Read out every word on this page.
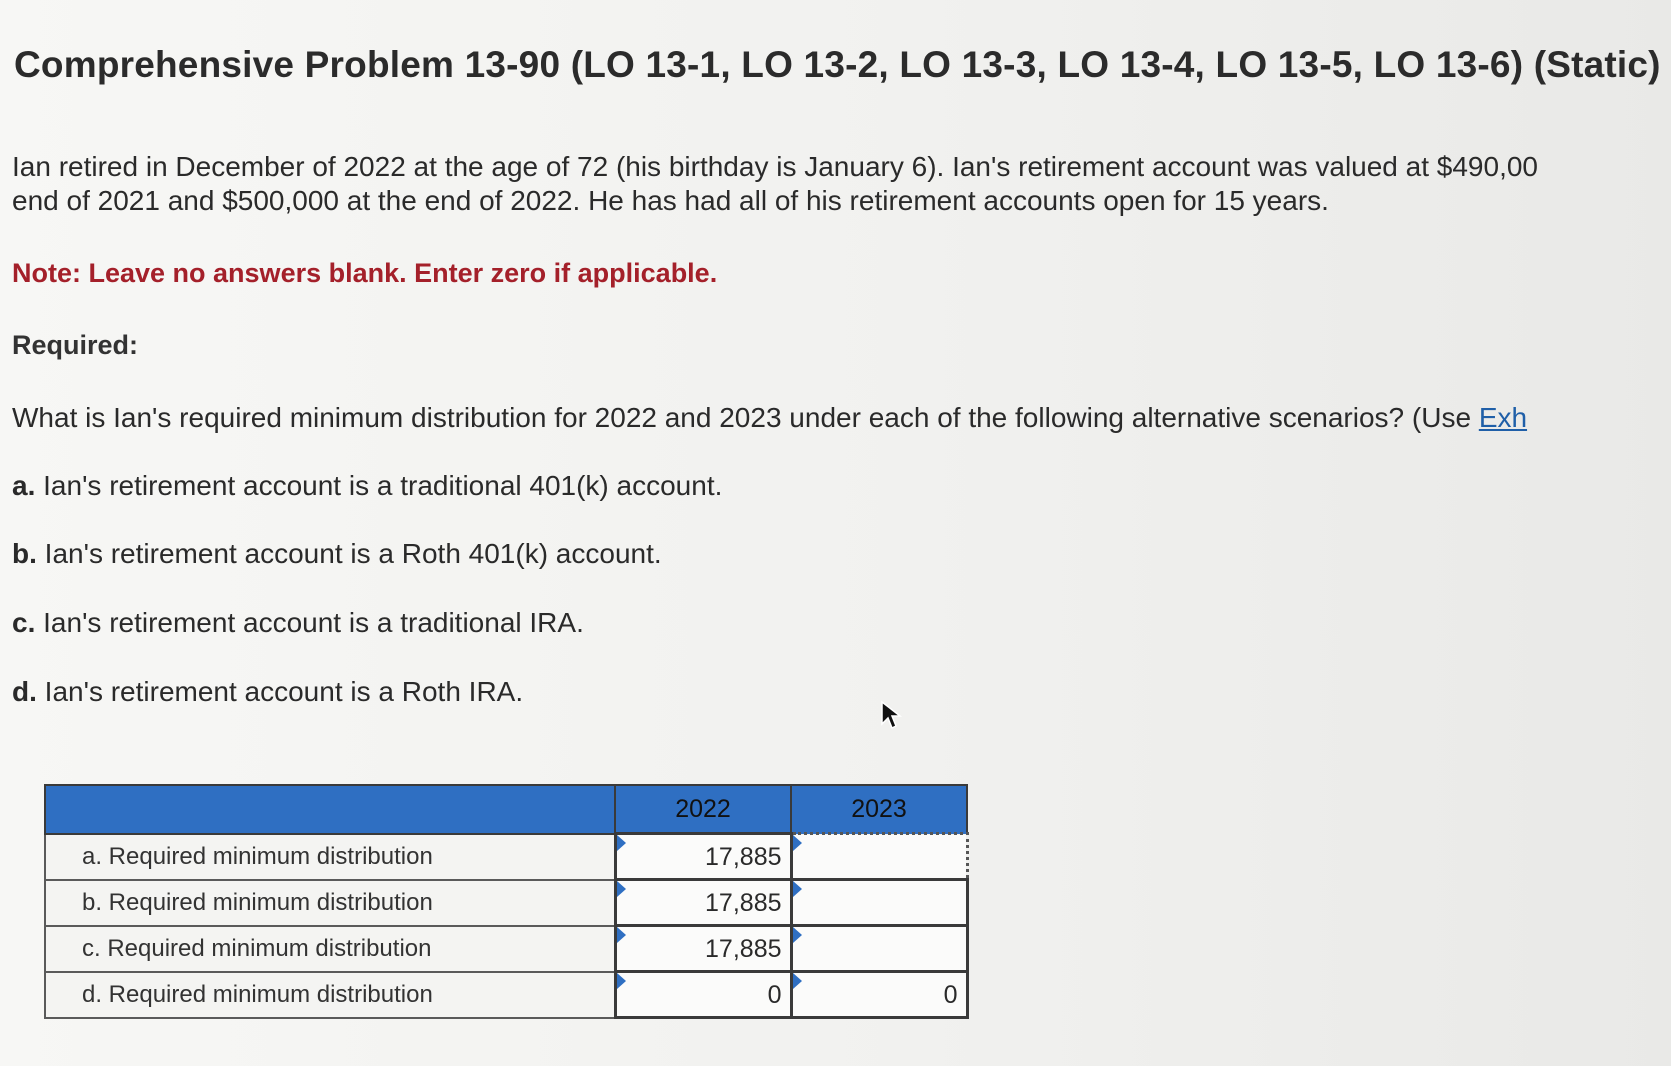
Comprehensive Problem 13-90 (LO 13-1, LO 13-2, LO 13-3, LO 13-4, LO 13-5, LO 13-6) (Static)
Ian retired in December of 2022 at the age of 72 (his birthday is January 6). Ian's retirement account was valued at $490,00
end of 2021 and $500,000 at the end of 2022. He has had all of his retirement accounts open for 15 years.
Note: Leave no answers blank. Enter zero if applicable.
Required:
What is Ian's required minimum distribution for 2022 and 2023 under each of the following alternative scenarios? (Use Exh
a. Ian's retirement account is a traditional 401(k) account.
b. Ian's retirement account is a Roth 401(k) account.
c. Ian's retirement account is a traditional IRA.
d. Ian's retirement account is a Roth IRA.
	2022	2023
a. Required minimum distribution	17,885	

b. Required minimum distribution	17,885	

c. Required minimum distribution	17,885	

d. Required minimum distribution	0	0
